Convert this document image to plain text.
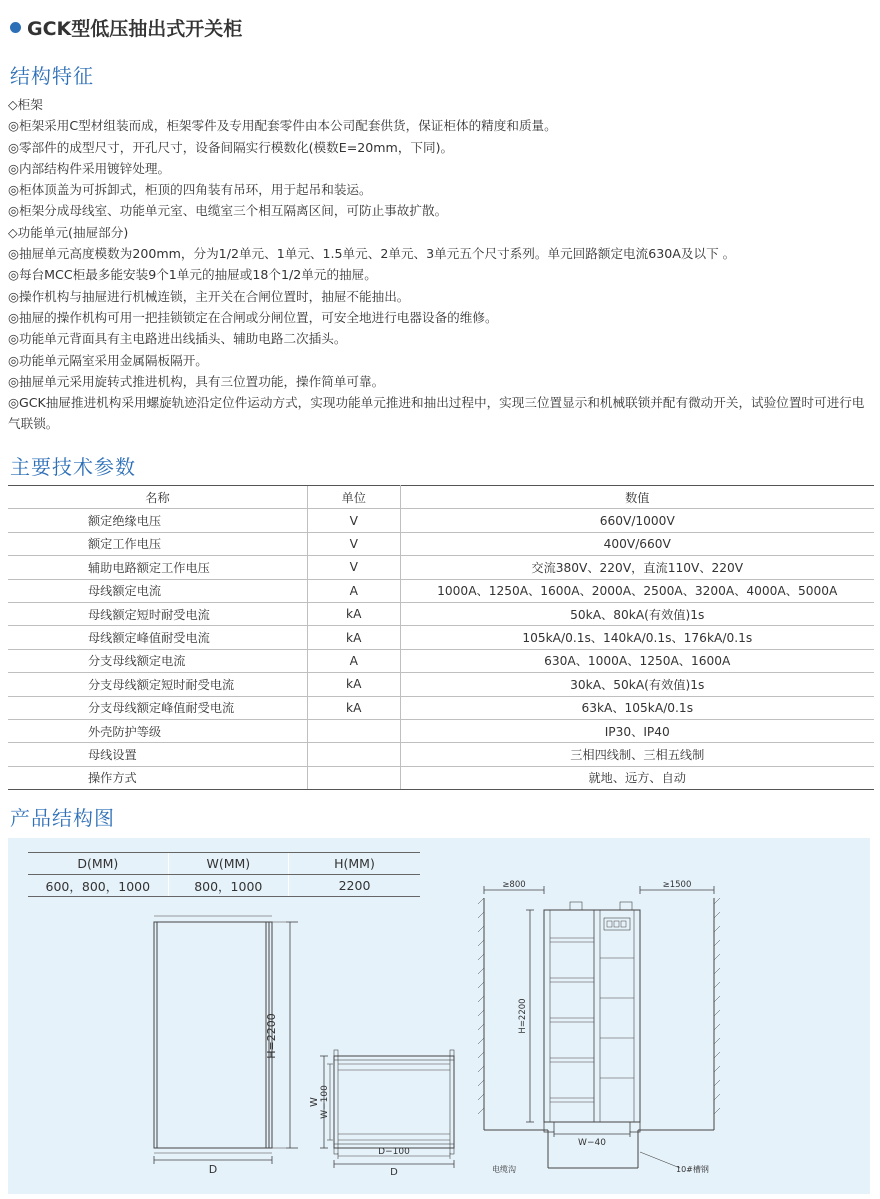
GCK型低压抽出式开关柜
结构特征
◇柜架
◎柜架采用C型材组装而成，柜架零件及专用配套零件由本公司配套供货，保证柜体的精度和质量。
◎零部件的成型尺寸，开孔尺寸，设备间隔实行模数化(模数E=20mm，下同)。
◎内部结构件采用镀锌处理。
◎柜体顶盖为可拆卸式，柜顶的四角装有吊环，用于起吊和装运。
◎柜架分成母线室、功能单元室、电缆室三个相互隔离区间，可防止事故扩散。
◇功能单元(抽屉部分)
◎抽屉单元高度模数为200mm，分为1/2单元、1单元、1.5单元、2单元、3单元五个尺寸系列。单元回路额定电流630A及以下 。
◎每台MCC柜最多能安装9个1单元的抽屉或18个1/2单元的抽屉。
◎操作机构与抽屉进行机械连锁，主开关在合闸位置时，抽屉不能抽出。
◎抽屉的操作机构可用一把挂锁锁定在合闸或分闸位置，可安全地进行电器设备的维修。
◎功能单元背面具有主电路进出线插头、辅助电路二次插头。
◎功能单元隔室采用金属隔板隔开。
◎抽屉单元采用旋转式推进机构，具有三位置功能，操作简单可靠。
◎GCK抽屉推进机构采用螺旋轨迹沿定位件运动方式，实现功能单元推进和抽出过程中，实现三位置显示和机械联锁并配有微动开关，试验位置时可进行电气联锁。
主要技术参数
名称	单位	数值
额定绝缘电压	V	660V/1000V
额定工作电压	V	400V/660V
辅助电路额定工作电压	V	交流380V、220V，直流110V、220V
母线额定电流	A	1000A、1250A、1600A、2000A、2500A、3200A、4000A、5000A
母线额定短时耐受电流	kA	50kA、80kA(有效值)1s
母线额定峰值耐受电流	kA	105kA/0.1s、140kA/0.1s、176kA/0.1s
分支母线额定电流	A	630A、1000A、1250A、1600A
分支母线额定短时耐受电流	kA	30kA、50kA(有效值)1s
分支母线额定峰值耐受电流	kA	63kA、105kA/0.1s
外壳防护等级		IP30、IP40
母线设置		三相四线制、三相五线制
操作方式		就地、远方、自动
产品结构图
D(MM)	W(MM)	H(MM)
600，800，1000	800，1000	2200
H=2200
D
W W−100
D−100
D
≥800	≥1500
H=2200
W−40
电缆沟	10#槽钢
